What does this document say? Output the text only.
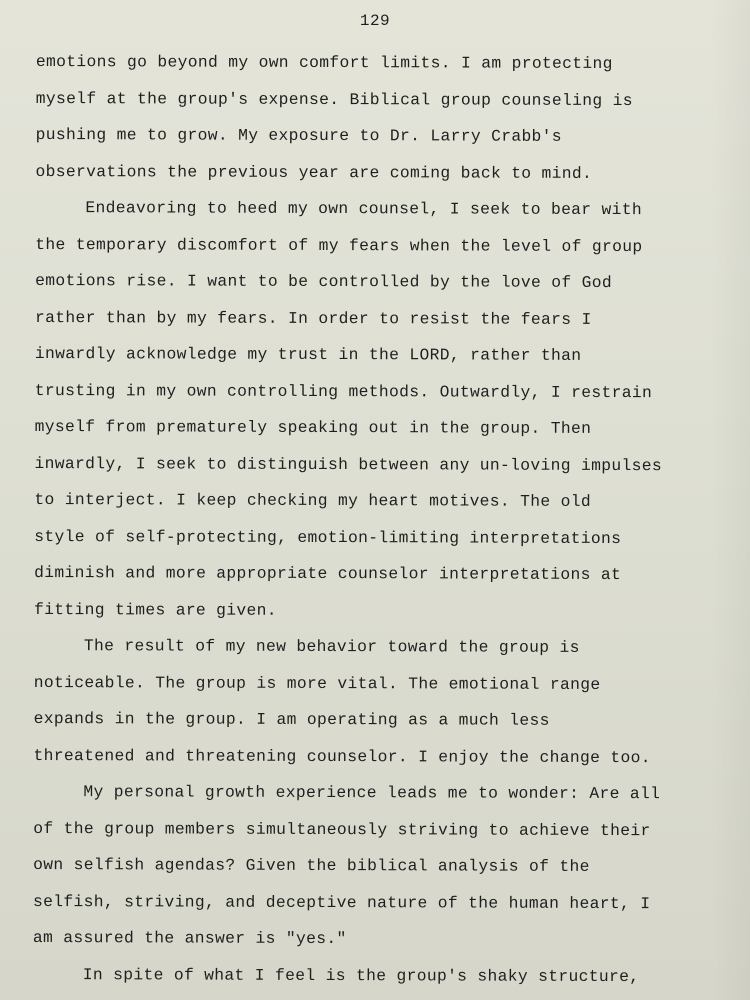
129
emotions go beyond my own comfort limits. I am protecting
myself at the group's expense. Biblical group counseling is
pushing me to grow. My exposure to Dr. Larry Crabb's
observations the previous year are coming back to mind.
Endeavoring to heed my own counsel, I seek to bear with
the temporary discomfort of my fears when the level of group
emotions rise. I want to be controlled by the love of God
rather than by my fears. In order to resist the fears I
inwardly acknowledge my trust in the LORD, rather than
trusting in my own controlling methods. Outwardly, I restrain
myself from prematurely speaking out in the group. Then
inwardly, I seek to distinguish between any un-loving impulses
to interject. I keep checking my heart motives. The old
style of self-protecting, emotion-limiting interpretations
diminish and more appropriate counselor interpretations at
fitting times are given.
The result of my new behavior toward the group is
noticeable. The group is more vital. The emotional range
expands in the group. I am operating as a much less
threatened and threatening counselor. I enjoy the change too.
My personal growth experience leads me to wonder: Are all
of the group members simultaneously striving to achieve their
own selfish agendas? Given the biblical analysis of the
selfish, striving, and deceptive nature of the human heart, I
am assured the answer is "yes."
In spite of what I feel is the group's shaky structure,
